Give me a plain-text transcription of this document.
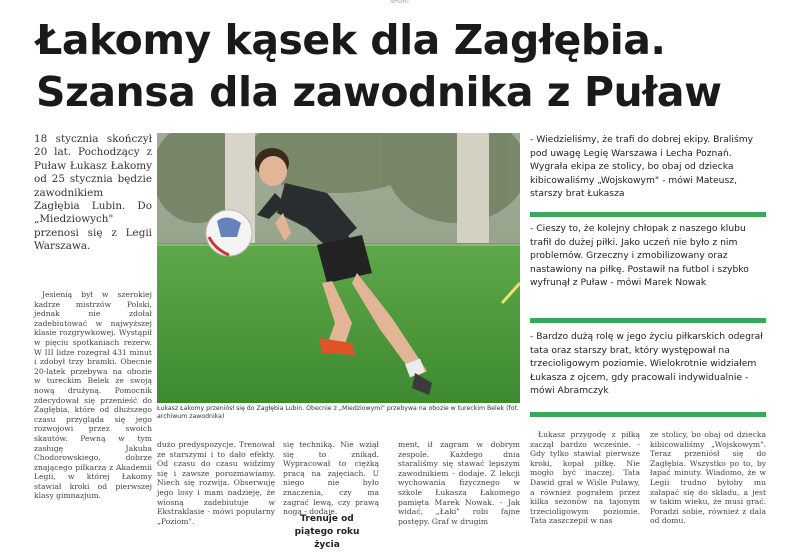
SPORT
Łakomy kąsek dla Zagłębia.
Szansa dla zawodnika z Puław

18 stycznia skończył 20 lat. Pochodzący z Puław Łukasz Łakomy od 25 stycznia będzie zawodnikiem Zagłębia Lubin. Do „Miedziowych" przenosi się z Legii Warszawa.

Łukasz Łakomy przeniósł się do Zagłębia Lubin. Obecnie z „Miedziowymi" przebywa na obozie w tureckim Belek (fot. archiwum zawodnika)

Jesienią był w szerokiej kadrze mistrzów Polski, jednak nie zdołał zadebiutować w najwyższej klasie rozgrywkowej. Wystąpił w pięciu spotkaniach rezerw. W III lidze rozegrał 431 minut i zdobył trzy bramki. Obecnie 20-latek przebywa na obozie w tureckim Belek ze swoją nową drużyną. Pomocnik zdecydował się przenieść do Zagłębia, które od dłuższego czasu przygląda się jego rozwojowi przez swoich skautów. Pewną w tym zasługę Jakuba Chodorowskiego, dobrze znającego piłkarza z Akademii Legii, w której Łakomy stawiał kroki od pierwszej klasy gimnazjum.

dużo predyspozycje. Trenował ze starszymi i to dało efekty. Od czasu do czasu widzimy się i zawsze porozmawiamy. Niech się rozwija. Obserwuję jego losy i mam nadzieję, że wiosną zadebiutuje w Ekstraklasie - mówi popularny „Poziom".

się techniką. Nie wziął się to znikąd. Wypracował to ciężką pracą na zajęciach. U niego nie było znaczenia, czy ma zagrać lewą, czy prawą nogą - dodaje.

Trenuje od piątego roku życia

ment, ił zagram w dobrym zespole. Każdego dnia staraliśmy się stawać lepszym zawodnikiem - dodaje. Z lekcji wychowania fizycznego w szkole Łukasza Łakomego pamięta Marek Nowak. - Jak widać, „Łaki" robi fajne postępy. Graf w drugim

- Wiedzieliśmy, że trafi do dobrej ekipy. Braliśmy pod uwagę Legię Warszawa i Lecha Poznań. Wygrała ekipa ze stolicy, bo obaj od dziecka kibicowaliśmy „Wojskowym" - mówi Mateusz, starszy brat Łukasza
- Cieszy to, że kolejny chłopak z naszego klubu trafił do dużej piłki. Jako uczeń nie było z nim problemów. Grzeczny i zmobilizowany oraz nastawiony na piłkę. Postawił na futbol i szybko wyfrunął z Puław - mówi Marek Nowak
- Bardzo dużą rolę w jego życiu piłkarskich odegrał tata oraz starszy brat, który występował na trzecioligowym poziomie. Wielokrotnie widziałem Łukasza z ojcem, gdy pracowali indywidualnie - mówi Abramczyk

Łukasz przygodę z piłką zaczął bardzo wcześnie. - Gdy tylko stawiał pierwsze kroki, kopał piłkę. Nie mogło być inaczej. Tata Dawid grał w Wiśle Puławy, a również pograłem przez kilka sezonów na tajonym trzecioligowym poziomie. Tata zaszczepił w nas

ze stolicy, bo obaj od dziecka kibicowaliśmy „Wojskowym". Teraz przeniósł się do Zagłębia. Wszystko po to, by łapać minuty. Wiadomo, że w Legii trudno byłoby mu załapać się do składu, a jest w takim wieku, że musi grać. Poradzi sobie, również z dala od domu.
